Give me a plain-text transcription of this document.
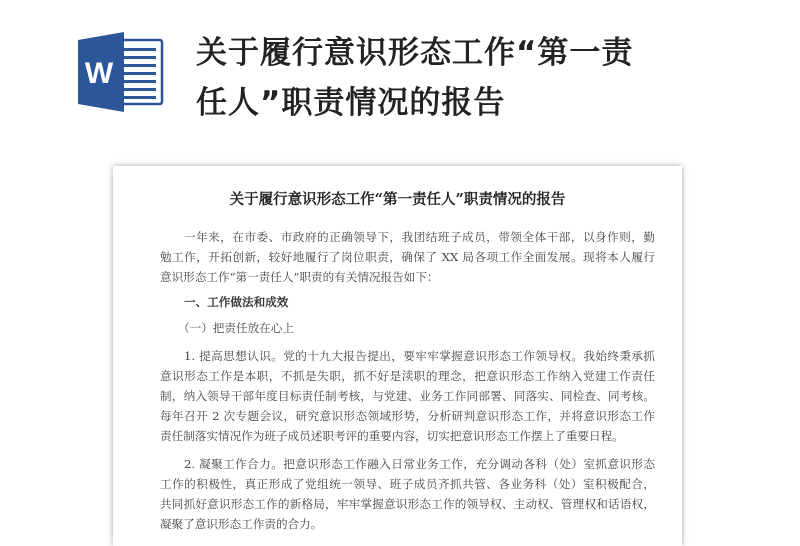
W
关于履行意识形态工作“第一责
任人”职责情况的报告
关于履行意识形态工作“第一责任人”职责情况的报告
一年来，在市委、市政府的正确领导下，我团结班子成员，带领全体干部，以身作则，勤
勉工作，开拓创新，较好地履行了岗位职责，确保了 XX 局各项工作全面发展。现将本人履行
意识形态工作“第一责任人”职责的有关情况报告如下：
一、工作做法和成效
（一）把责任放在心上
1. 提高思想认识。党的十九大报告提出，要牢牢掌握意识形态工作领导权。我始终秉承抓
意识形态工作是本职，不抓是失职，抓不好是渎职的理念，把意识形态工作纳入党建工作责任
制，纳入领导干部年度目标责任制考核，与党建、业务工作同部署、同落实、同检查、同考核。
每年召开 2 次专题会议，研究意识形态领域形势，分析研判意识形态工作，并将意识形态工作
责任制落实情况作为班子成员述职考评的重要内容，切实把意识形态工作摆上了重要日程。
2. 凝聚工作合力。把意识形态工作融入日常业务工作，充分调动各科（处）室抓意识形态
工作的积极性，真正形成了党组统一领导、班子成员齐抓共管、各业务科（处）室积极配合，
共同抓好意识形态工作的新格局，牢牢掌握意识形态工作的领导权、主动权、管理权和话语权，
凝聚了意识形态工作责的合力。
